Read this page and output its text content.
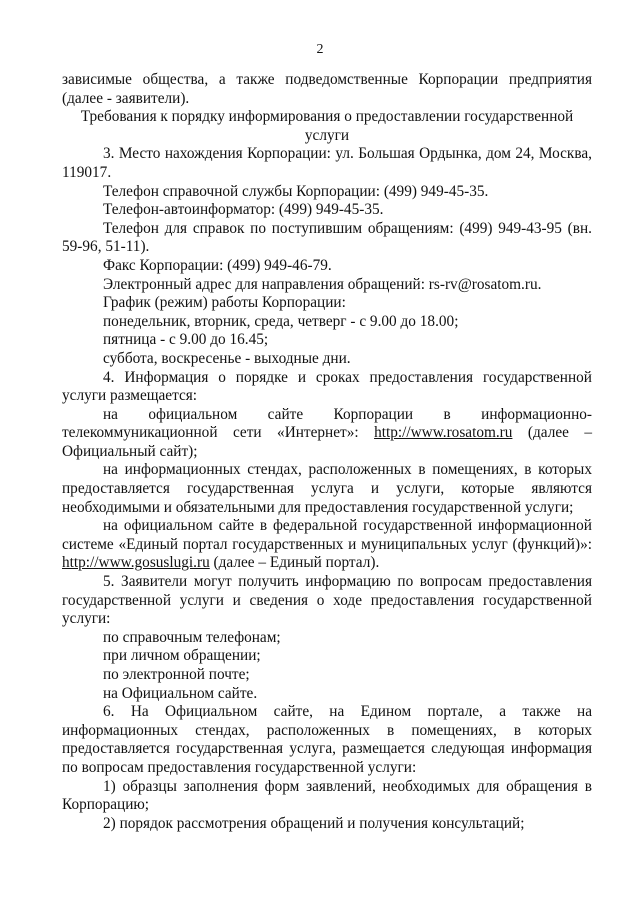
2

зависимые общества, а также подведомственные Корпорации предприятия (далее - заявители).

Требования к порядку информирования о предоставлении государственной услуги

3. Место нахождения Корпорации: ул. Большая Ордынка, дом 24, Москва, 119017.

Телефон справочной службы Корпорации: (499) 949-45-35.

Телефон-автоинформатор: (499) 949-45-35.

Телефон для справок по поступившим обращениям: (499) 949-43-95 (вн. 59-96, 51-11).

Факс Корпорации: (499) 949-46-79.

Электронный адрес для направления обращений: rs-rv@rosatom.ru.

График (режим) работы Корпорации:

понедельник, вторник, среда, четверг - с 9.00 до 18.00;

пятница - с 9.00 до 16.45;

суббота, воскресенье - выходные дни.

4. Информация о порядке и сроках предоставления государственной услуги размещается:

на официальном сайте Корпорации в информационно-

телекоммуникационной сети «Интернет»: http://www.rosatom.ru (далее – Официальный сайт);

на информационных стендах, расположенных в помещениях, в которых предоставляется государственная услуга и услуги, которые являются необходимыми и обязательными для предоставления государственной услуги;

на официальном сайте в федеральной государственной информационной системе «Единый портал государственных и муниципальных услуг (функций)»: http://www.gosuslugi.ru (далее – Единый портал).

5. Заявители могут получить информацию по вопросам предоставления государственной услуги и сведения о ходе предоставления государственной услуги:

по справочным телефонам;

при личном обращении;

по электронной почте;

на Официальном сайте.

6. На Официальном сайте, на Едином портале, а также на информационных стендах, расположенных в помещениях, в которых предоставляется государственная услуга, размещается следующая информация по вопросам предоставления государственной услуги:

1) образцы заполнения форм заявлений, необходимых для обращения в Корпорацию;

2) порядок рассмотрения обращений и получения консультаций;
